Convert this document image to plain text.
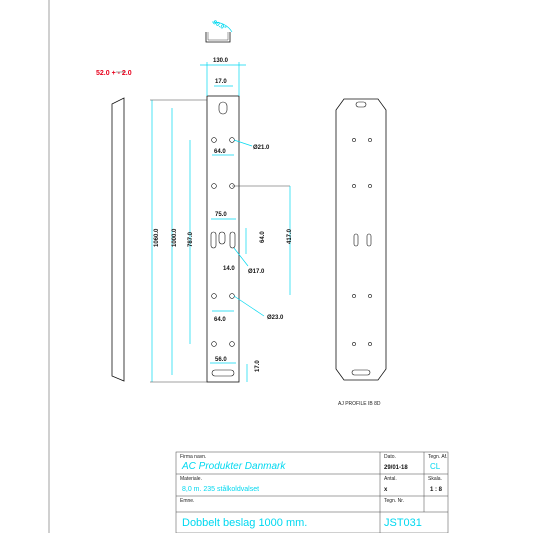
90.0°
52.0 + - 2.0
130.0
17.0
Ø21.0
64.0
75.0
64.0	417.0
14.0 Ø17.0
64.0	Ø23.0
56.0
17.0
1060.0 1000.0 787.0
AJ PROFILE IB 8D
Firma navn.
AC Produkter Danmark
Dato.
29/01-18
Tegn. Af.
CL
Materiale.
8,0 m. 235 stålkoldvalset
Antal.
x
Skala.
1 : 8
Emne.
Dobbelt beslag 1000 mm.
Tegn. Nr.
JST031
